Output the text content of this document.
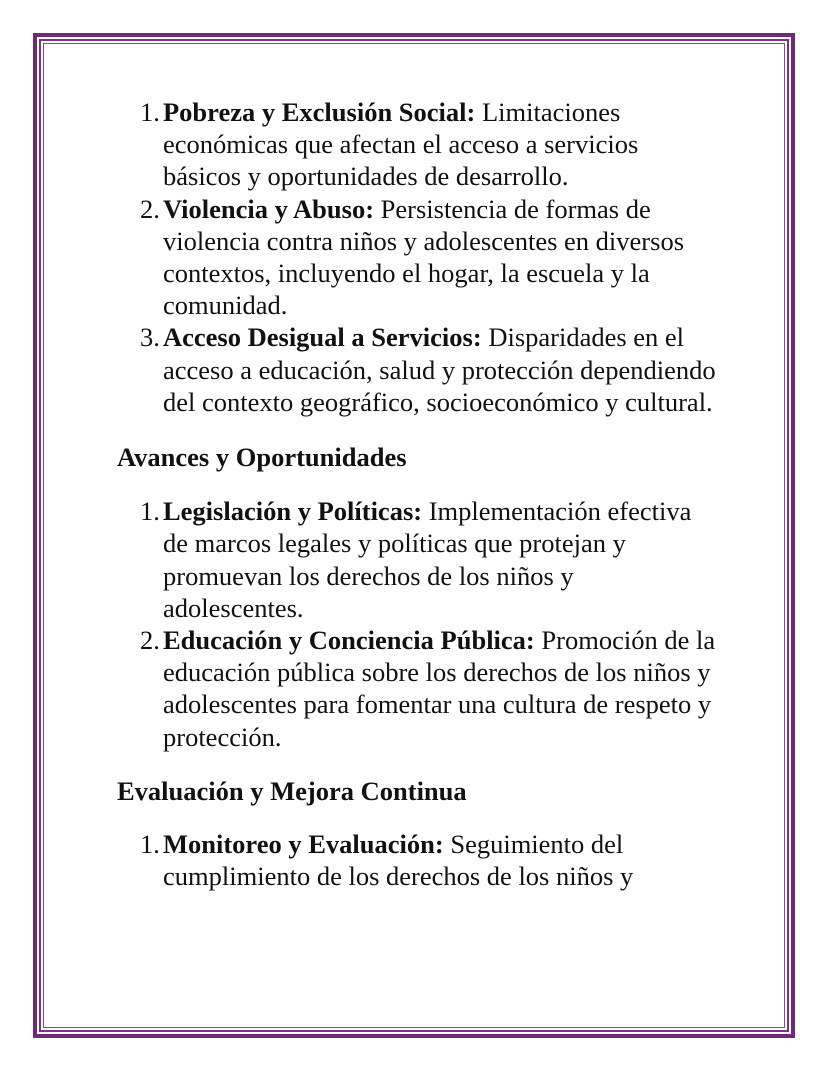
1. Pobreza y Exclusión Social: Limitaciones económicas que afectan el acceso a servicios básicos y oportunidades de desarrollo.
2. Violencia y Abuso: Persistencia de formas de violencia contra niños y adolescentes en diversos contextos, incluyendo el hogar, la escuela y la comunidad.
3. Acceso Desigual a Servicios: Disparidades en el acceso a educación, salud y protección dependiendo del contexto geográfico, socioeconómico y cultural.
Avances y Oportunidades
1. Legislación y Políticas: Implementación efectiva de marcos legales y políticas que protejan y promuevan los derechos de los niños y adolescentes.
2. Educación y Conciencia Pública: Promoción de la educación pública sobre los derechos de los niños y adolescentes para fomentar una cultura de respeto y protección.
Evaluación y Mejora Continua
1. Monitoreo y Evaluación: Seguimiento del cumplimiento de los derechos de los niños y
